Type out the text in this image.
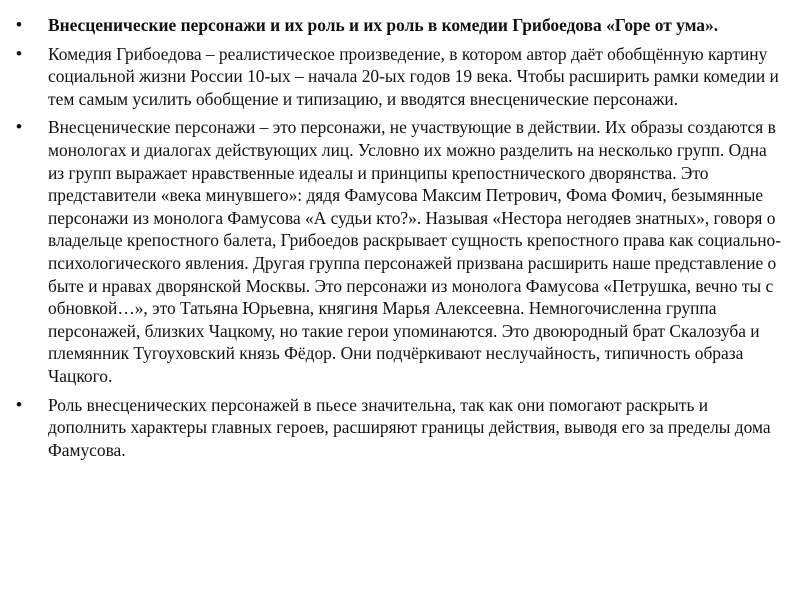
• Внесценические персонажи и их роль и их роль в комедии Грибоедова «Горе от ума».
• Комедия Грибоедова – реалистическое произведение, в котором автор даёт обобщённую картину социальной жизни России 10-ых – начала 20-ых годов 19 века. Чтобы расширить рамки комедии и тем самым усилить обобщение и типизацию, и вводятся внесценические персонажи.
• Внесценические персонажи – это персонажи, не участвующие в действии. Их образы создаются в монологах и диалогах действующих лиц. Условно их можно разделить на несколько групп. Одна из групп выражает нравственные идеалы и принципы крепостнического дворянства. Это представители «века минувшего»: дядя Фамусова Максим Петрович, Фома Фомич, безымянные персонажи из монолога Фамусова «А судьи кто?». Называя «Нестора негодяев знатных», говоря о владельце крепостного балета, Грибоедов раскрывает сущность крепостного права как социально-психологического явления. Другая группа персонажей призвана расширить наше представление о быте и нравах дворянской Москвы. Это персонажи из монолога Фамусова «Петрушка, вечно ты с обновкой…», это Татьяна Юрьевна, княгиня Марья Алексеевна. Немногочисленна группа персонажей, близких Чацкому, но такие герои упоминаются. Это двоюродный брат Скалозуба и племянник Тугоуховский князь Фёдор. Они подчёркивают неслучайность, типичность образа Чацкого.
• Роль внесценических персонажей в пьесе значительна, так как они помогают раскрыть и дополнить характеры главных героев, расширяют границы действия, выводя его за пределы дома Фамусова.
